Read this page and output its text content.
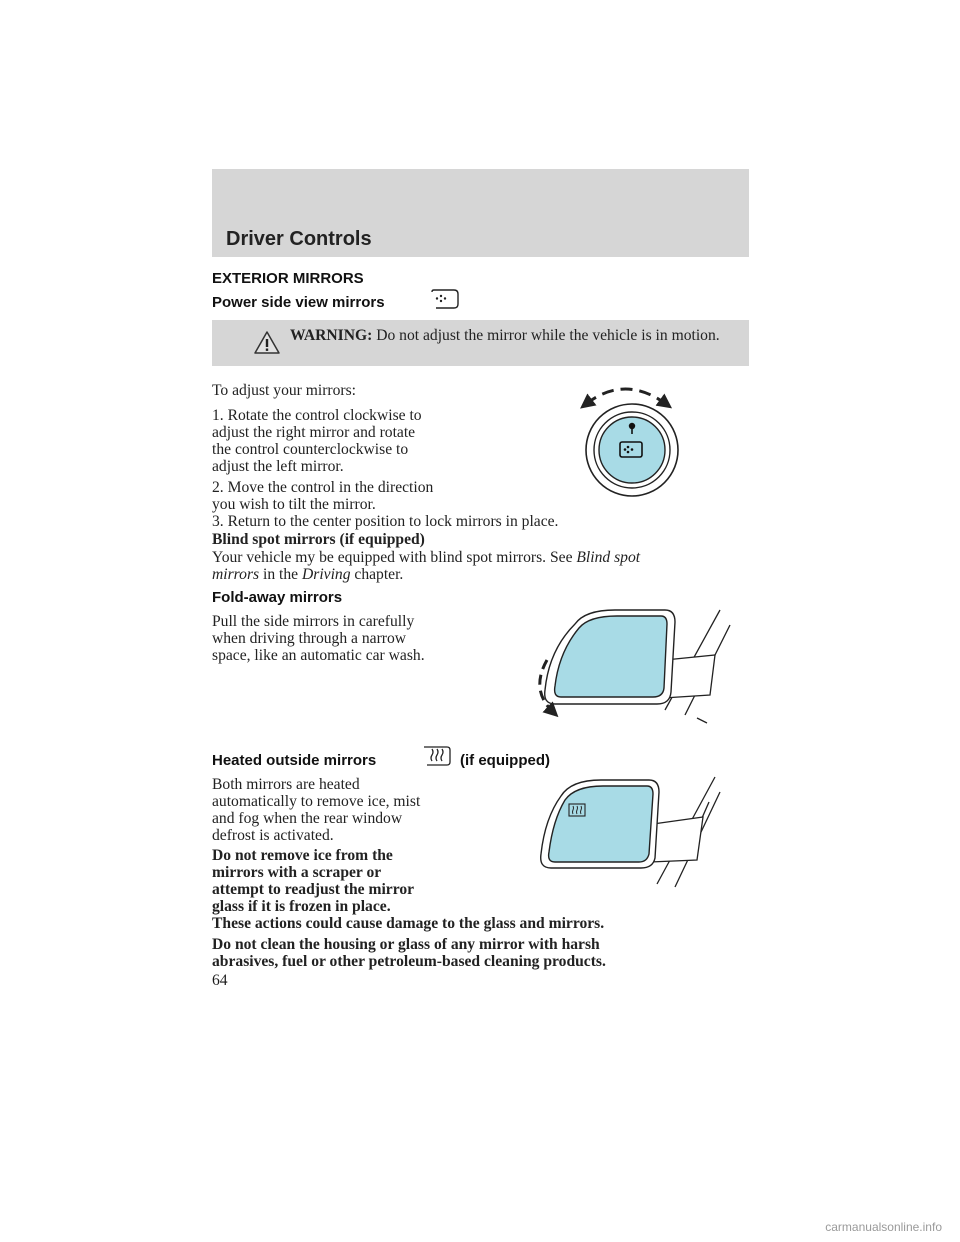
Driver Controls
EXTERIOR MIRRORS
Power side view mirrors
WARNING: Do not adjust the mirror while the vehicle is in motion.
To adjust your mirrors:
1. Rotate the control clockwise to
adjust the right mirror and rotate
the control counterclockwise to
adjust the left mirror.
2. Move the control in the direction
you wish to tilt the mirror.
3. Return to the center position to lock mirrors in place.
Blind spot mirrors (if equipped)
Your vehicle my be equipped with blind spot mirrors. See Blind spot
mirrors in the Driving chapter.
Fold-away mirrors
Pull the side mirrors in carefully
when driving through a narrow
space, like an automatic car wash.
Heated outside mirrors	(if equipped)
Both mirrors are heated
automatically to remove ice, mist
and fog when the rear window
defrost is activated.
Do not remove ice from the
mirrors with a scraper or
attempt to readjust the mirror
glass if it is frozen in place.
These actions could cause damage to the glass and mirrors.
Do not clean the housing or glass of any mirror with harsh
abrasives, fuel or other petroleum-based cleaning products.
64
carmanualsonline.info
